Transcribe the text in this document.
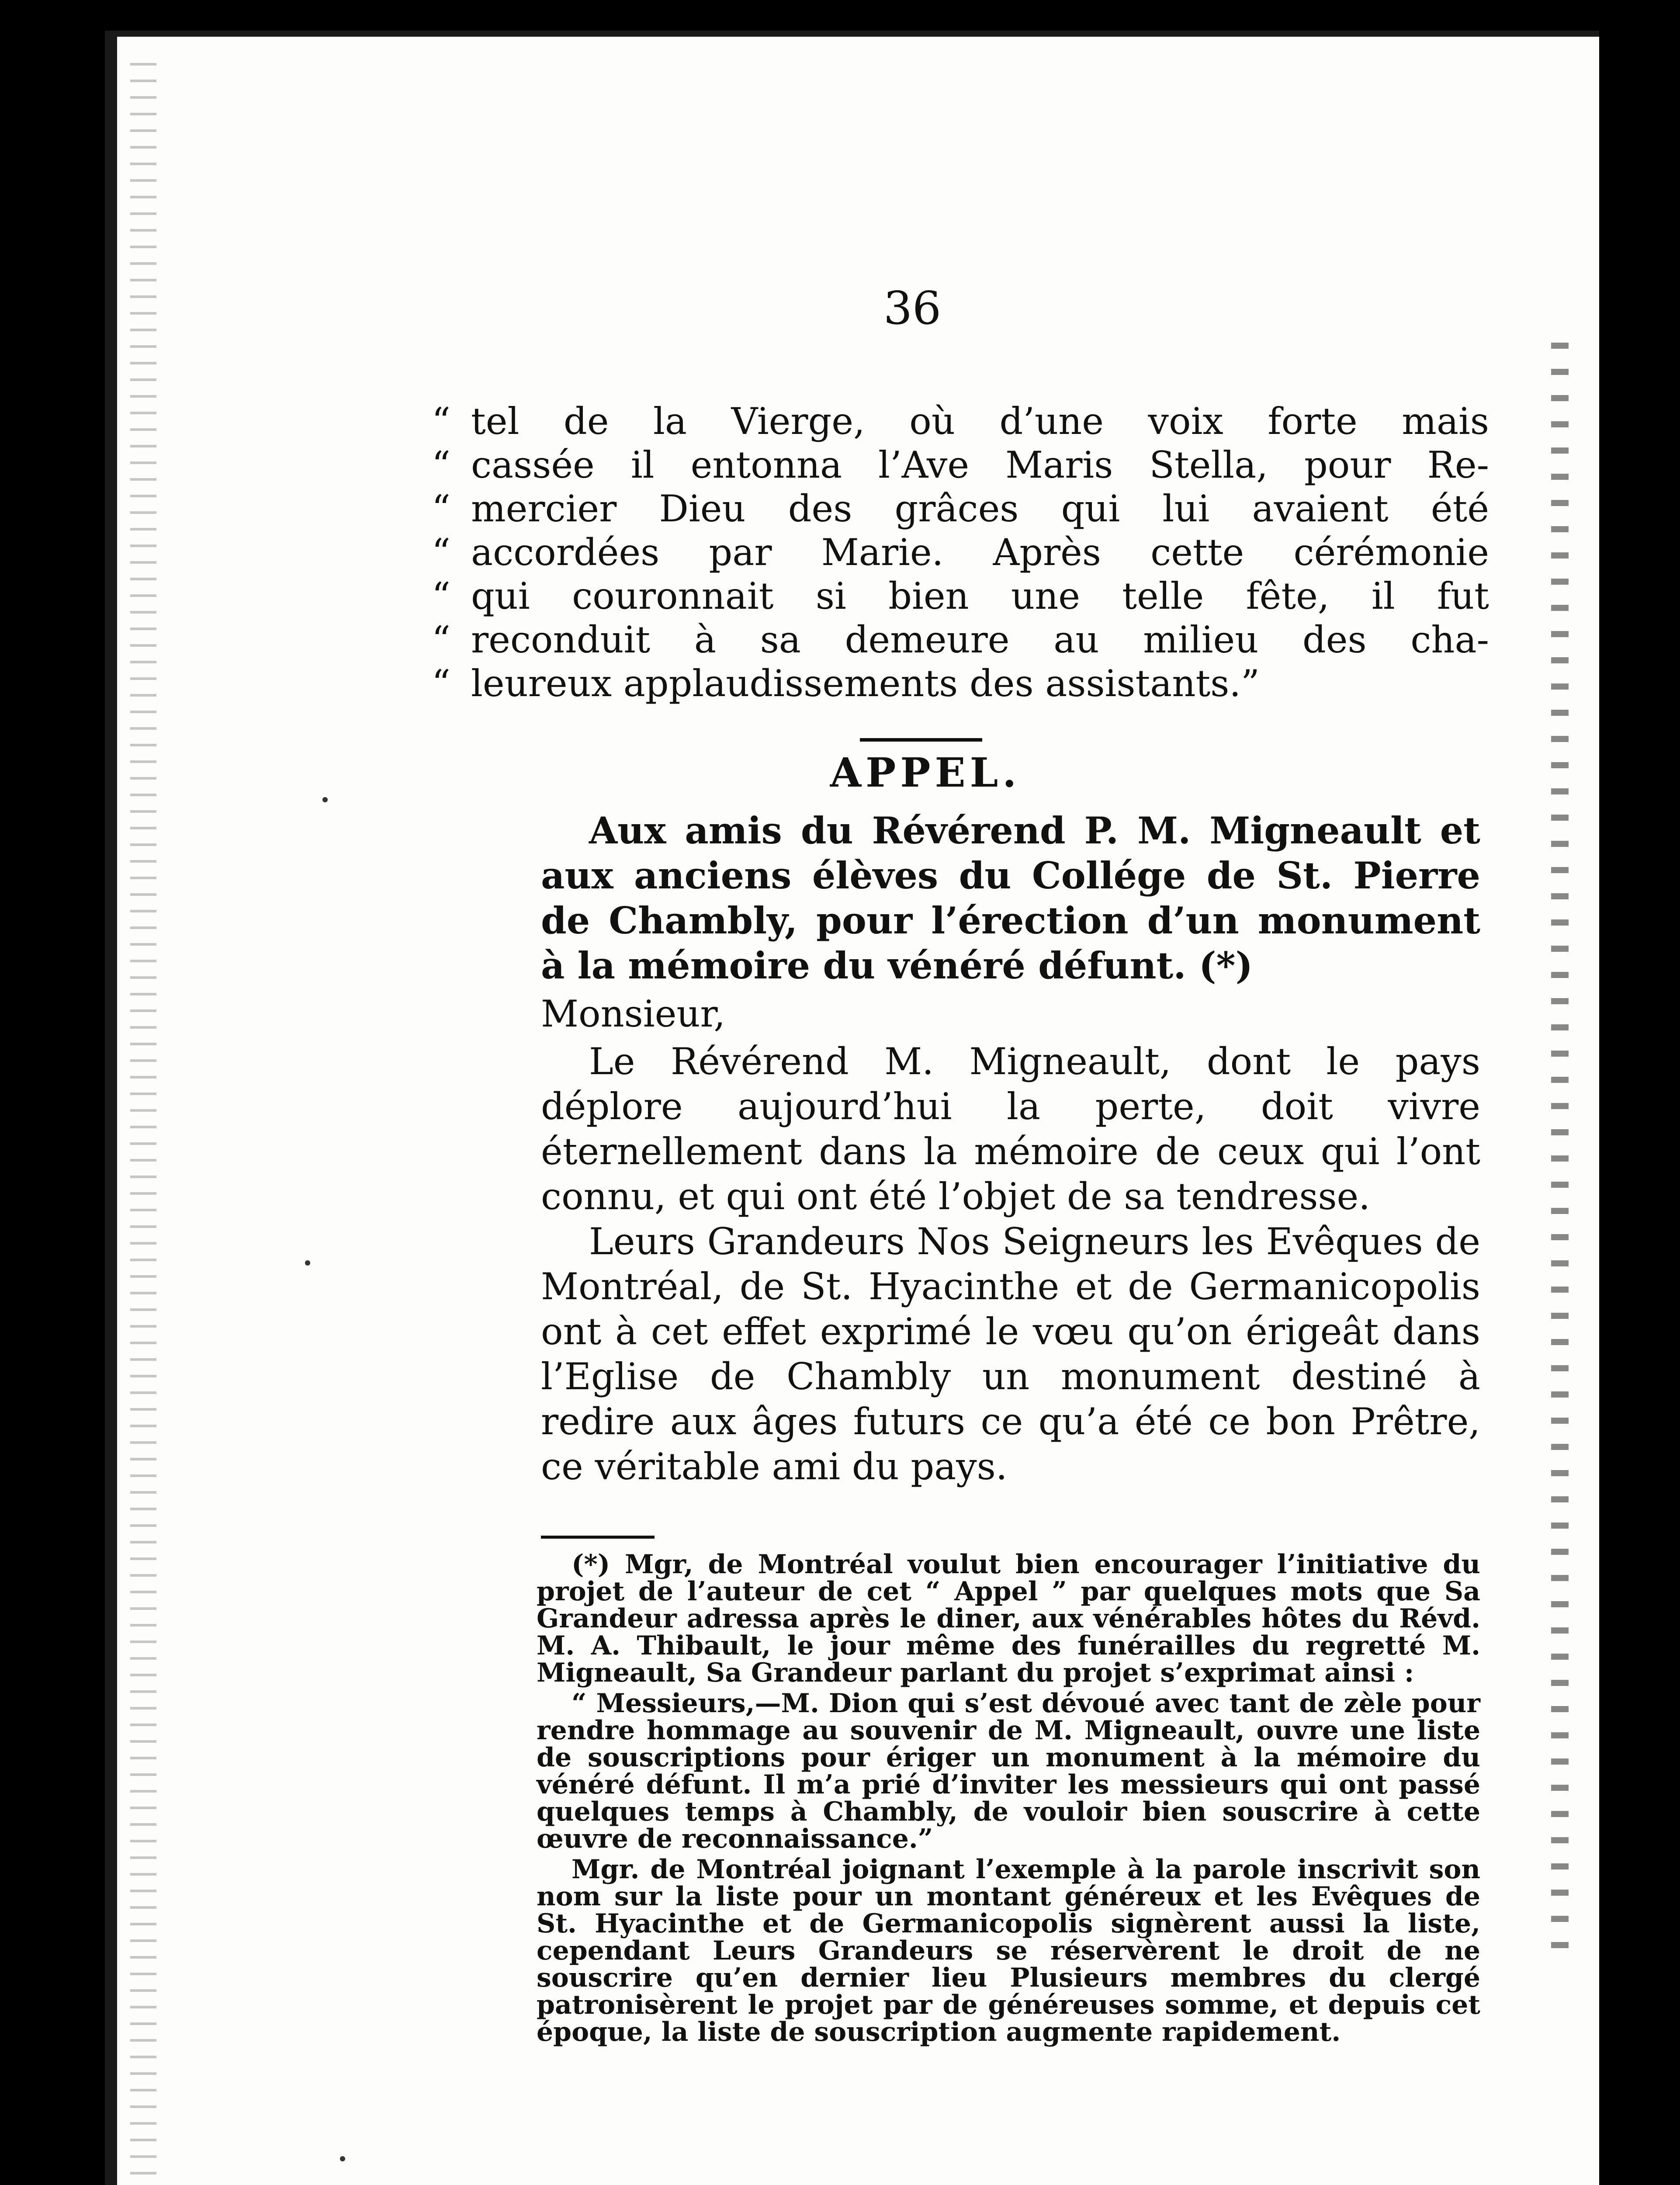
36
“ tel de la Vierge, où d’une voix forte mais
“ cassée il entonna l’Ave Maris Stella, pour Re-
“ mercier Dieu des grâces qui lui avaient été
“ accordées par Marie. Après cette cérémonie
“ qui couronnait si bien une telle fête, il fut
“ reconduit à sa demeure au milieu des cha-
“ leureux applaudissements des assistants.”
APPEL.

Aux amis du Révérend P. M. Migneault et aux anciens élèves du Collége de St. Pierre de Chambly, pour l’érection d’un monument à la mémoire du vénéré défunt. (*)

Monsieur,

Le Révérend M. Migneault, dont le pays déplore aujourd’hui la perte, doit vivre éternellement dans la mémoire de ceux qui l’ont connu, et qui ont été l’objet de sa tendresse.

Leurs Grandeurs Nos Seigneurs les Evêques de Montréal, de St. Hyacinthe et de Germanicopolis ont à cet effet exprimé le vœu qu’on érigeât dans l’Eglise de Chambly un monument destiné à redire aux âges futurs ce qu’a été ce bon Prêtre, ce véritable ami du pays.

(*) Mgr, de Montréal voulut bien encourager l’initiative du projet de l’auteur de cet “ Appel ” par quelques mots que Sa Grandeur adressa après le diner, aux vénérables hôtes du Révd. M. A. Thibault, le jour même des funérailles du regretté M. Migneault, Sa Grandeur parlant du projet s’exprimat ainsi :

“ Messieurs,—M. Dion qui s’est dévoué avec tant de zèle pour rendre hommage au souvenir de M. Migneault, ouvre une liste de souscriptions pour ériger un monument à la mémoire du vénéré défunt. Il m’a prié d’inviter les messieurs qui ont passé quelques temps à Chambly, de vouloir bien souscrire à cette œuvre de reconnaissance.”

Mgr. de Montréal joignant l’exemple à la parole inscrivit son nom sur la liste pour un montant généreux et les Evêques de St. Hyacinthe et de Germanicopolis signèrent aussi la liste, cependant Leurs Grandeurs se réservèrent le droit de ne souscrire qu’en dernier lieu Plusieurs membres du clergé patronisèrent le projet par de généreuses somme, et depuis cet époque, la liste de souscription augmente rapidement.
